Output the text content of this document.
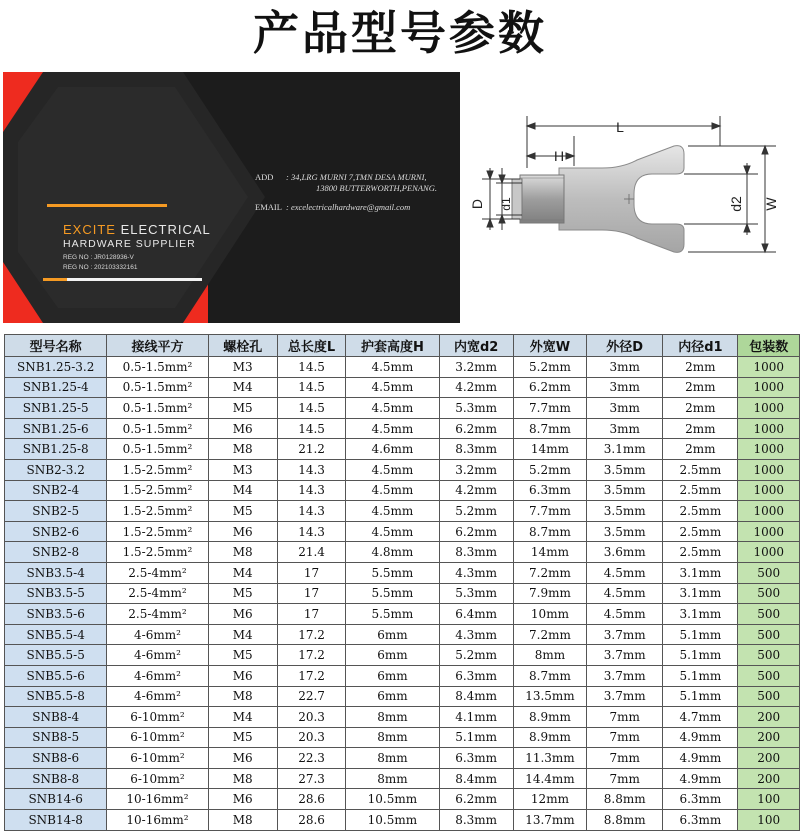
产品型号参数
EXCITE ELECTRICAL
HARDWARE SUPPLIER
REG NO : JR0128936-V
REG NO : 202103332161
ADD : 34,LRG MURNI 7,TMN DESA MURNI,
13800 BUTTERWORTH,PENANG.
EMAIL : excelectricalhardware@gmail.com
L
H
D d1	d2 W
型号名称	接线平方	螺栓孔	总长度L	护套高度H	内宽d2	外宽W	外径D	内径d1	包装数
SNB1.25-3.2	0.5-1.5mm²	M3	14.5	4.5mm	3.2mm	5.2mm	3mm	2mm	1000
SNB1.25-4	0.5-1.5mm²	M4	14.5	4.5mm	4.2mm	6.2mm	3mm	2mm	1000
SNB1.25-5	0.5-1.5mm²	M5	14.5	4.5mm	5.3mm	7.7mm	3mm	2mm	1000
SNB1.25-6	0.5-1.5mm²	M6	14.5	4.5mm	6.2mm	8.7mm	3mm	2mm	1000
SNB1.25-8	0.5-1.5mm²	M8	21.2	4.6mm	8.3mm	14mm	3.1mm	2mm	1000
SNB2-3.2	1.5-2.5mm²	M3	14.3	4.5mm	3.2mm	5.2mm	3.5mm	2.5mm	1000
SNB2-4	1.5-2.5mm²	M4	14.3	4.5mm	4.2mm	6.3mm	3.5mm	2.5mm	1000
SNB2-5	1.5-2.5mm²	M5	14.3	4.5mm	5.2mm	7.7mm	3.5mm	2.5mm	1000
SNB2-6	1.5-2.5mm²	M6	14.3	4.5mm	6.2mm	8.7mm	3.5mm	2.5mm	1000
SNB2-8	1.5-2.5mm²	M8	21.4	4.8mm	8.3mm	14mm	3.6mm	2.5mm	1000
SNB3.5-4	2.5-4mm²	M4	17	5.5mm	4.3mm	7.2mm	4.5mm	3.1mm	500
SNB3.5-5	2.5-4mm²	M5	17	5.5mm	5.3mm	7.9mm	4.5mm	3.1mm	500
SNB3.5-6	2.5-4mm²	M6	17	5.5mm	6.4mm	10mm	4.5mm	3.1mm	500
SNB5.5-4	4-6mm²	M4	17.2	6mm	4.3mm	7.2mm	3.7mm	5.1mm	500
SNB5.5-5	4-6mm²	M5	17.2	6mm	5.2mm	8mm	3.7mm	5.1mm	500
SNB5.5-6	4-6mm²	M6	17.2	6mm	6.3mm	8.7mm	3.7mm	5.1mm	500
SNB5.5-8	4-6mm²	M8	22.7	6mm	8.4mm	13.5mm	3.7mm	5.1mm	500
SNB8-4	6-10mm²	M4	20.3	8mm	4.1mm	8.9mm	7mm	4.7mm	200
SNB8-5	6-10mm²	M5	20.3	8mm	5.1mm	8.9mm	7mm	4.9mm	200
SNB8-6	6-10mm²	M6	22.3	8mm	6.3mm	11.3mm	7mm	4.9mm	200
SNB8-8	6-10mm²	M8	27.3	8mm	8.4mm	14.4mm	7mm	4.9mm	200
SNB14-6	10-16mm²	M6	28.6	10.5mm	6.2mm	12mm	8.8mm	6.3mm	100
SNB14-8	10-16mm²	M8	28.6	10.5mm	8.3mm	13.7mm	8.8mm	6.3mm	100
